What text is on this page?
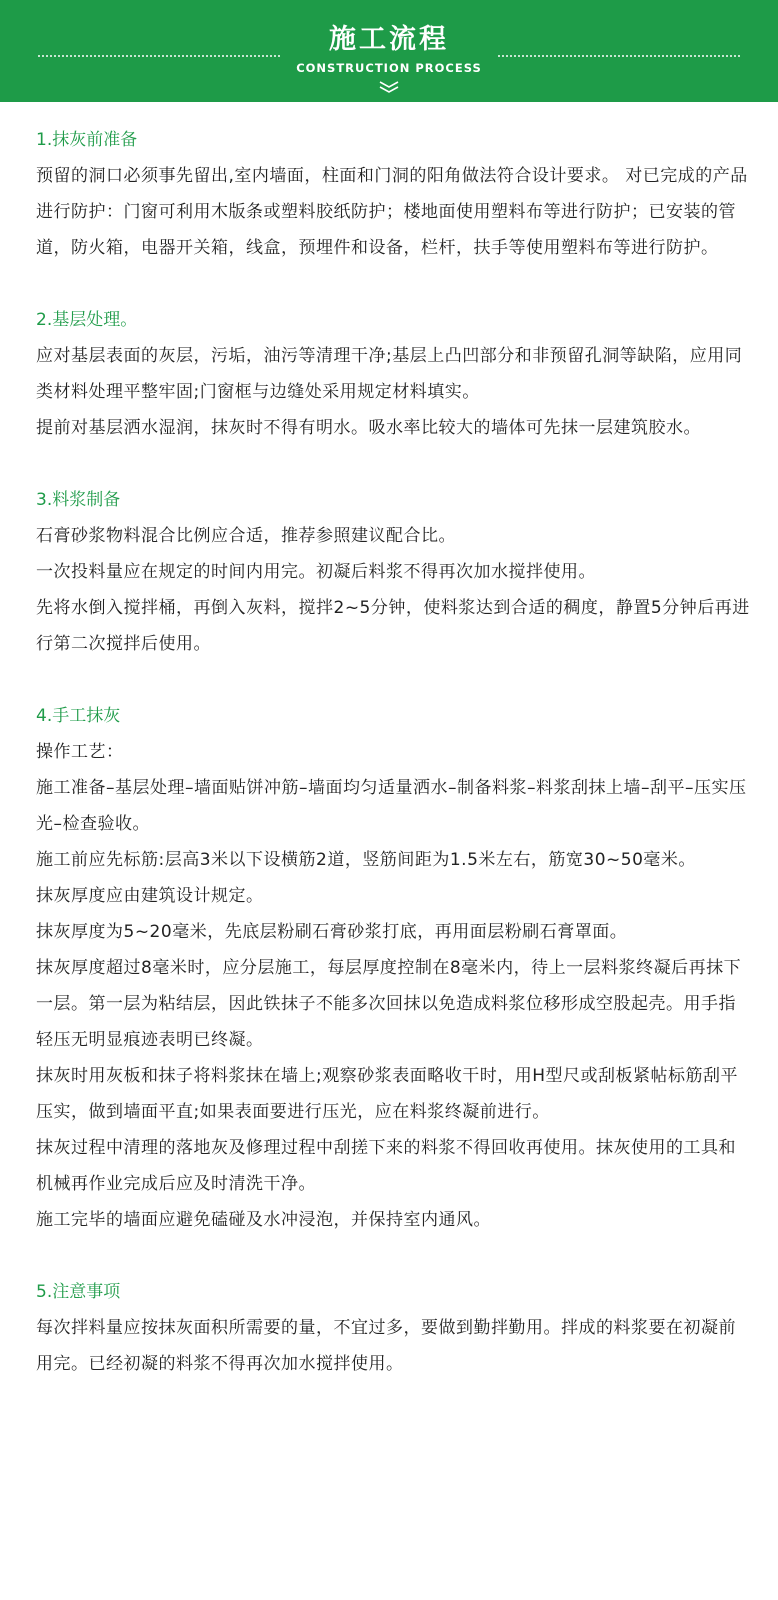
施工流程
CONSTRUCTION PROCESS
1.抹灰前准备
预留的洞口必须事先留出,室内墙面，柱面和门洞的阳角做法符合设计要求。 对已完成的产品进行防护：门窗可利用木版条或塑料胶纸防护；楼地面使用塑料布等进行防护；已安装的管道，防火箱，电器开关箱，线盒，预埋件和设备，栏杆，扶手等使用塑料布等进行防护。
2.基层处理。
应对基层表面的灰层，污垢，油污等清理干净;基层上凸凹部分和非预留孔洞等缺陷，应用同类材料处理平整牢固;门窗框与边缝处采用规定材料填实。
提前对基层洒水湿润，抹灰时不得有明水。吸水率比较大的墙体可先抹一层建筑胶水。
3.料浆制备
石膏砂浆物料混合比例应合适，推荐参照建议配合比。
一次投料量应在规定的时间内用完。初凝后料浆不得再次加水搅拌使用。
先将水倒入搅拌桶，再倒入灰料，搅拌2~5分钟，使料浆达到合适的稠度，静置5分钟后再进行第二次搅拌后使用。
4.手工抹灰
操作工艺：
施工准备–基层处理–墙面贴饼冲筋–墙面均匀适量洒水–制备料浆–料浆刮抹上墙–刮平–压实压光–检查验收。
施工前应先标筋:层高3米以下设横筋2道，竖筋间距为1.5米左右，筋宽30~50毫米。
抹灰厚度应由建筑设计规定。
抹灰厚度为5~20毫米，先底层粉刷石膏砂浆打底，再用面层粉刷石膏罩面。
抹灰厚度超过8毫米时，应分层施工，每层厚度控制在8毫米内，待上一层料浆终凝后再抹下一层。第一层为粘结层，因此铁抹子不能多次回抹以免造成料浆位移形成空股起壳。用手指轻压无明显痕迹表明已终凝。
抹灰时用灰板和抹子将料浆抹在墙上;观察砂浆表面略收干时，用H型尺或刮板紧帖标筋刮平压实，做到墙面平直;如果表面要进行压光，应在料浆终凝前进行。
抹灰过程中清理的落地灰及修理过程中刮搓下来的料浆不得回收再使用。抹灰使用的工具和机械再作业完成后应及时清洗干净。
施工完毕的墙面应避免磕碰及水冲浸泡，并保持室内通风。
5.注意事项
每次拌料量应按抹灰面积所需要的量，不宜过多，要做到勤拌勤用。拌成的料浆要在初凝前用完。已经初凝的料浆不得再次加水搅拌使用。
